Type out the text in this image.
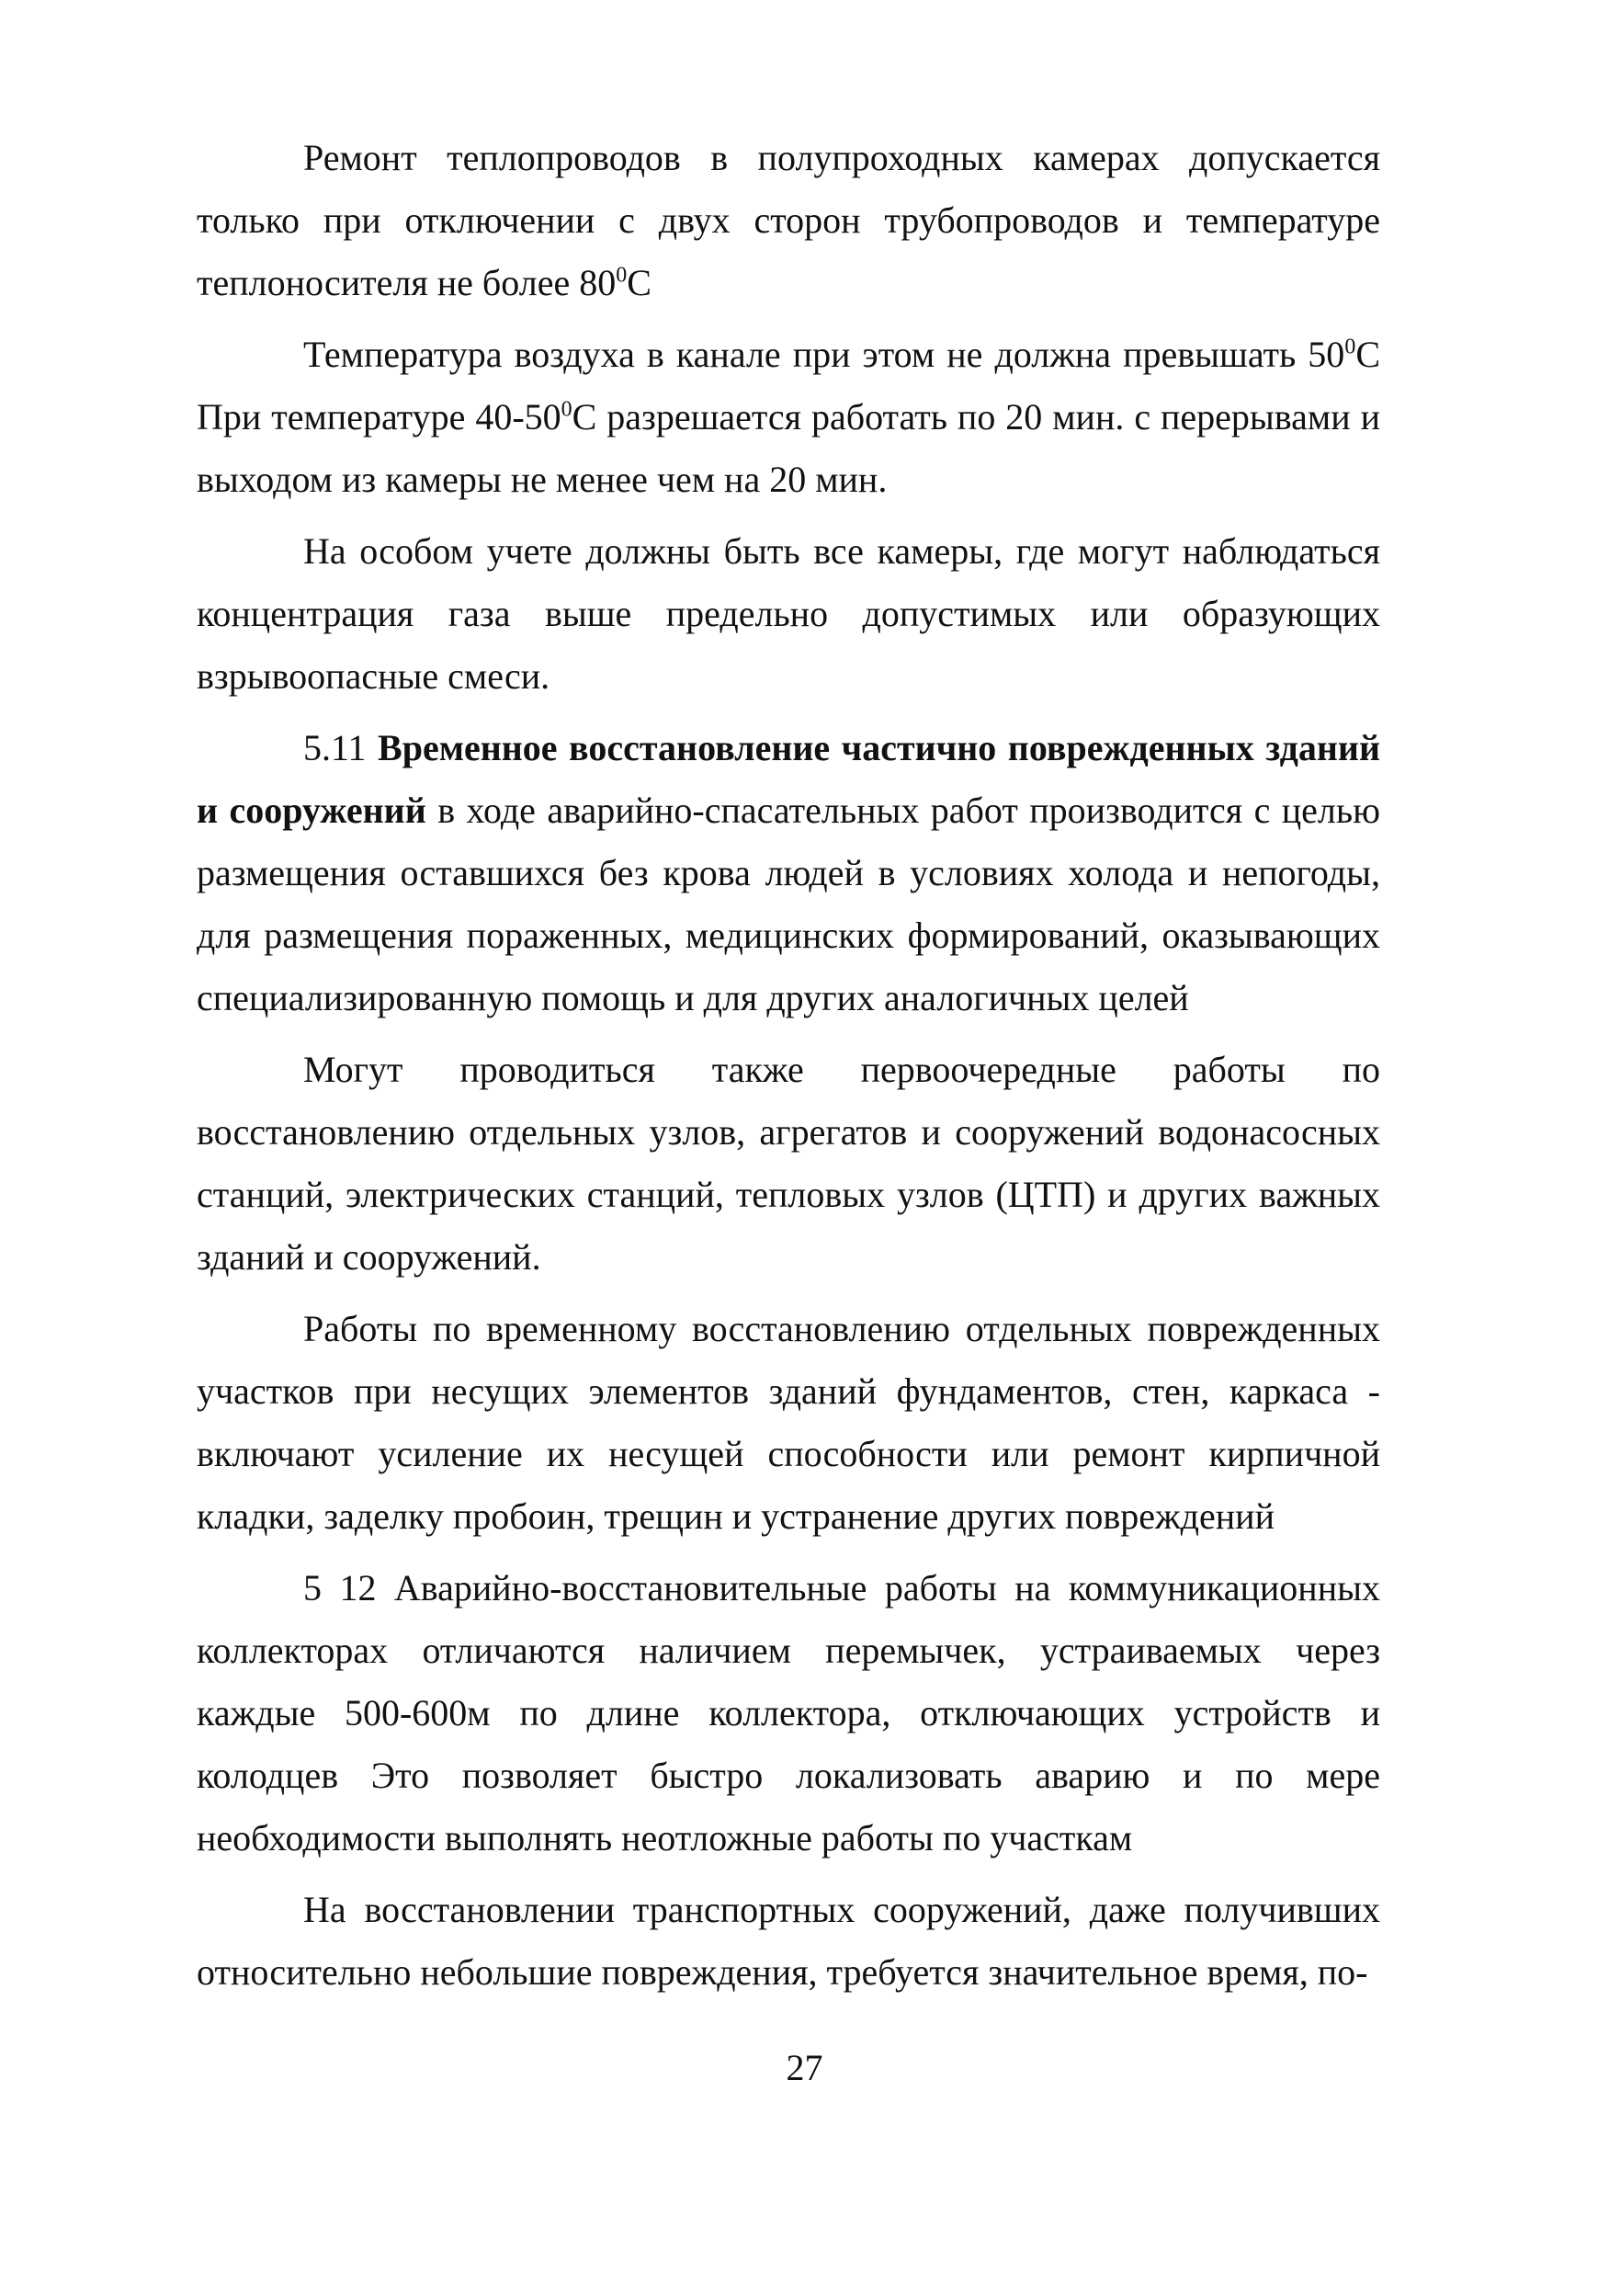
Ремонт теплопроводов в полупроходных камерах допускается только при отключении с двух сторон трубопроводов и температуре теплоносителя не более $80^0С$

Температура воздуха в канале при этом не должна превышать $50^0С$ При температуре $40-50^0С$ разрешается работать по 20 мин. с перерывами и выходом из камеры не менее чем на 20 мин.

На особом учете должны быть все камеры, где могут наблюдаться концентрация газа выше предельно допустимых или образующих взрывоопасные смеси.

5.11 Временное восстановление частично поврежденных зданий и сооружений в ходе аварийно-спасательных работ производится с целью размещения оставшихся без крова людей в условиях холода и непогоды, для размещения пораженных, медицинских формирований, оказывающих специализированную помощь и для других аналогичных целей

Могут проводиться также первоочередные работы по восстановлению отдельных узлов, агрегатов и сооружений водонасосных станций, электрических станций, тепловых узлов (ЦТП) и других важных зданий и сооружений.

Работы по временному восстановлению отдельных поврежденных участков при несущих элементов зданий фундаментов, стен, каркаса - включают усиление их несущей способности или ремонт кирпичной кладки, заделку пробоин, трещин и устранение других повреждений

5 12 Аварийно-восстановительные работы на коммуникационных коллекторах отличаются наличием перемычек, устраиваемых через каждые 500-600м по длине коллектора, отключающих устройств и колодцев Это позволяет быстро локализовать аварию и по мере необходимости выполнять неотложные работы по участкам

На восстановлении транспортных сооружений, даже получивших относительно небольшие повреждения, требуется значительное время, по-

27
